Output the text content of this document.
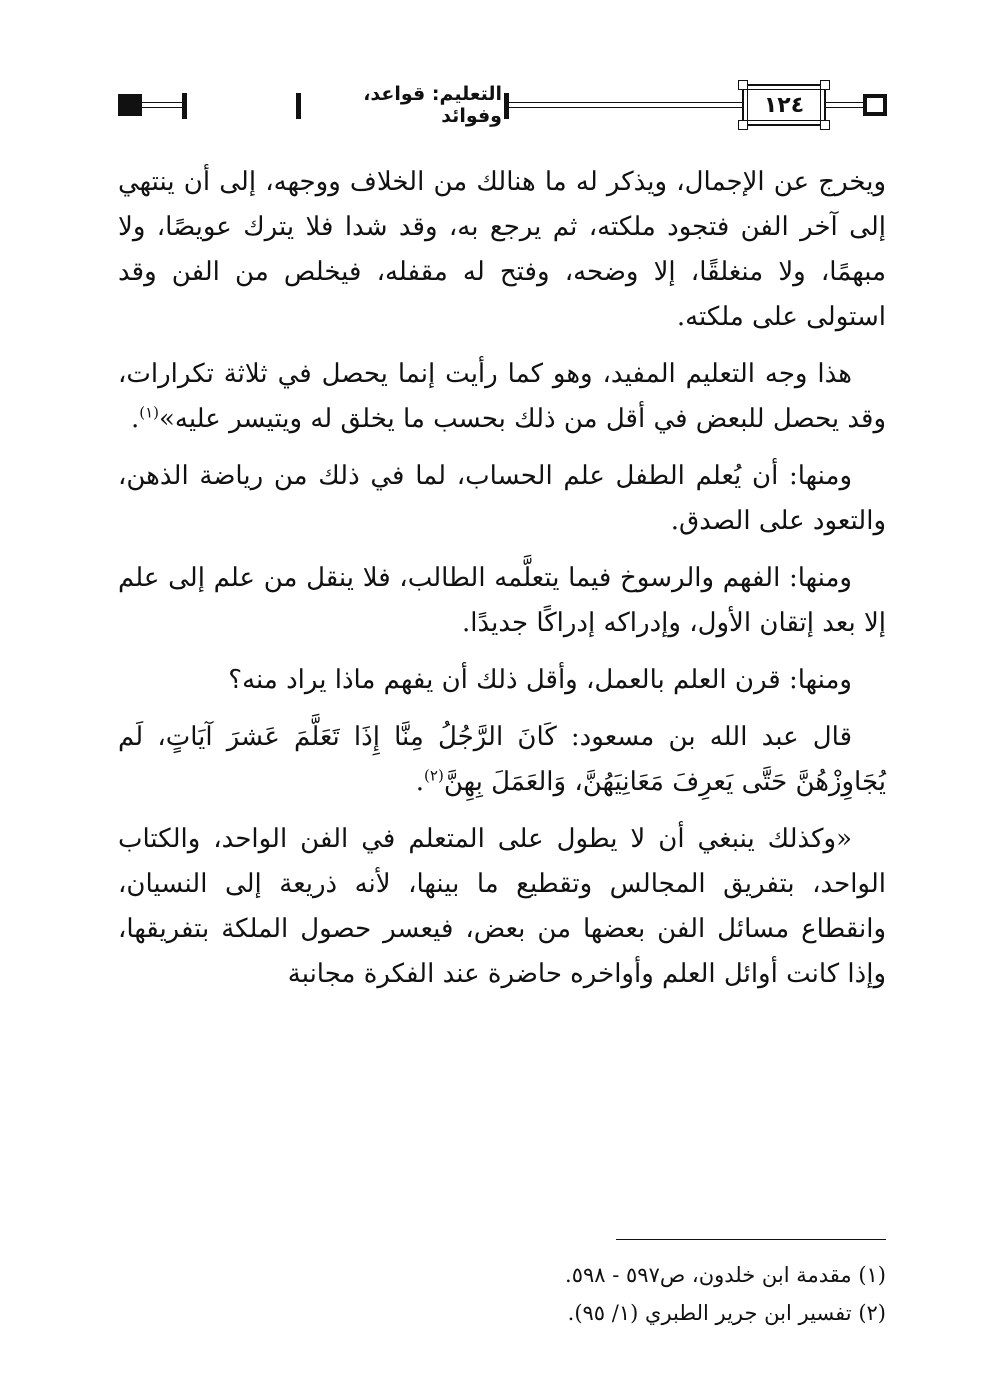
التعليم: قواعد، وفوائد	١٢٤

ويخرج عن الإجمال، ويذكر له ما هنالك من الخلاف ووجهه، إلى أن ينتهي إلى آخر الفن فتجود ملكته، ثم يرجع به، وقد شدا فلا يترك عويصًا، ولا مبهمًا، ولا منغلقًا، إلا وضحه، وفتح له مقفله، فيخلص من الفن وقد استولى على ملكته.

هذا وجه التعليم المفيد، وهو كما رأيت إنما يحصل في ثلاثة تكرارات، وقد يحصل للبعض في أقل من ذلك بحسب ما يخلق له ويتيسر عليه»$^{(١)}$.

ومنها: أن يُعلم الطفل علم الحساب، لما في ذلك من رياضة الذهن، والتعود على الصدق.

ومنها: الفهم والرسوخ فيما يتعلَّمه الطالب، فلا ينقل من علم إلى علم إلا بعد إتقان الأول، وإدراكه إدراكًا جديدًا.

ومنها: قرن العلم بالعمل، وأقل ذلك أن يفهم ماذا يراد منه؟

قال عبد الله بن مسعود: كَانَ الرَّجُلُ مِنَّا إِذَا تَعَلَّمَ عَشرَ آيَاتٍ، لَم يُجَاوِزْهُنَّ حَتَّى يَعرِفَ مَعَانِيَهُنَّ، وَالعَمَلَ بِهِنَّ$^{(٢)}$.

«وكذلك ينبغي أن لا يطول على المتعلم في الفن الواحد، والكتاب الواحد، بتفريق المجالس وتقطيع ما بينها، لأنه ذريعة إلى النسيان، وانقطاع مسائل الفن بعضها من بعض، فيعسر حصول الملكة بتفريقها، وإذا كانت أوائل العلم وأواخره حاضرة عند الفكرة مجانبة

(١) مقدمة ابن خلدون، ص٥٩٧ - ٥٩٨.
(٢) تفسير ابن جرير الطبري (١/ ٩٥).
